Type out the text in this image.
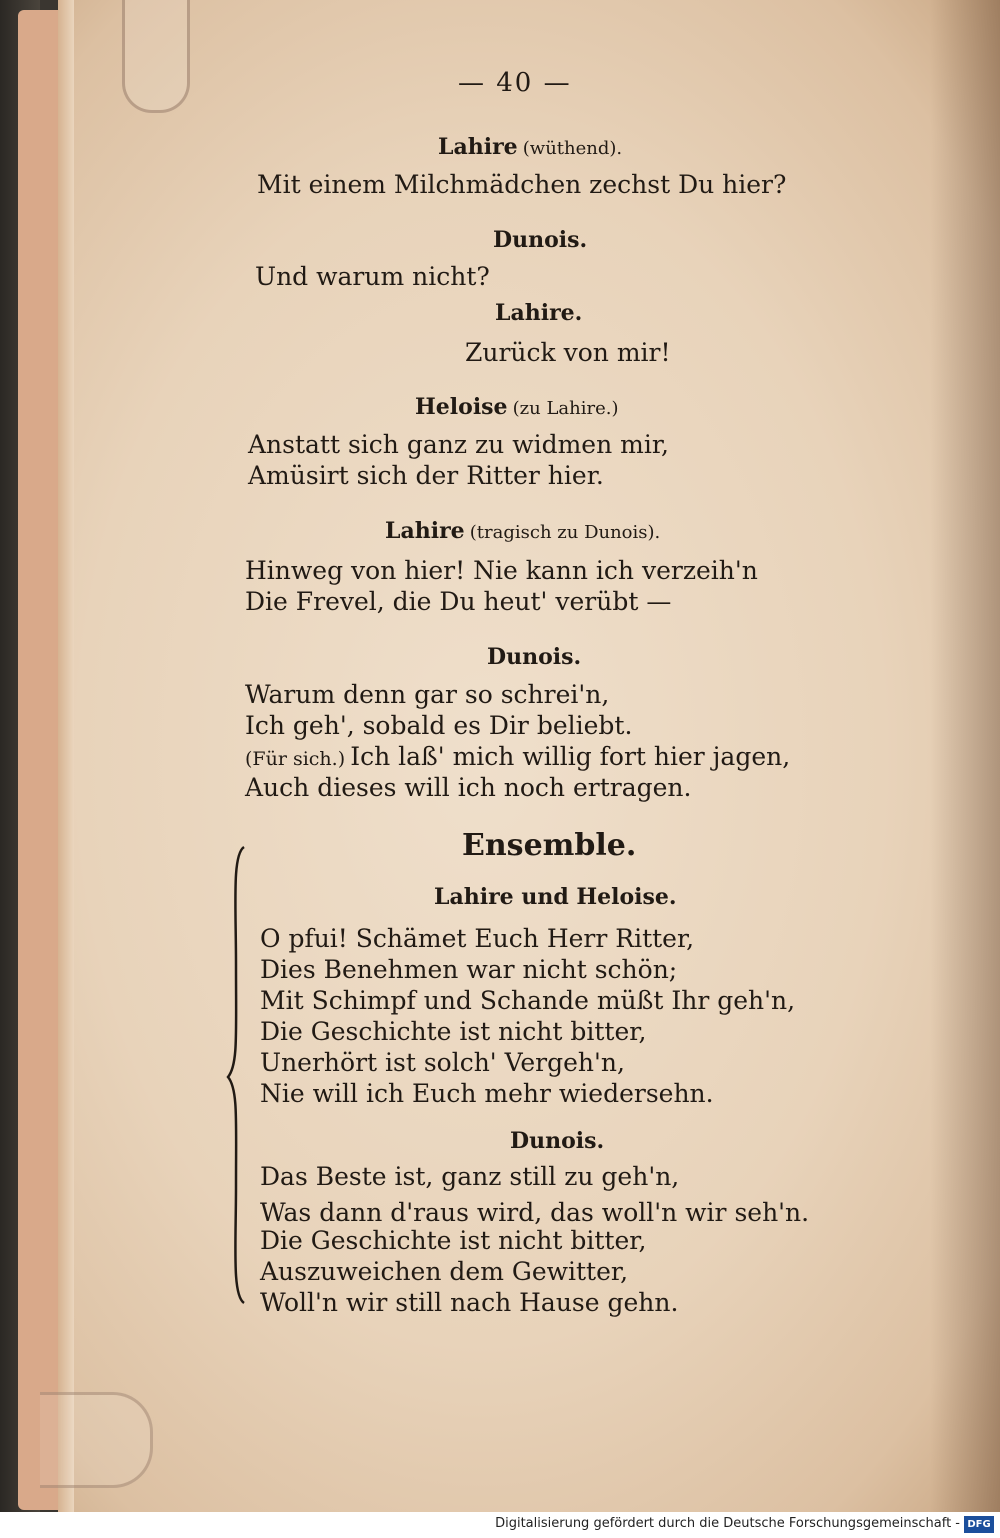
— 40 —
Lahire (wüthend).
Mit einem Milchmädchen zechst Du hier?
Dunois.
Und warum nicht?
Lahire.
Zurück von mir!
Heloise (zu Lahire.)
Anstatt sich ganz zu widmen mir,
Amüsirt sich der Ritter hier.
Lahire (tragisch zu Dunois).
Hinweg von hier! Nie kann ich verzeih'n
Die Frevel, die Du heut' verübt —
Dunois.
Warum denn gar so schrei'n,
Ich geh', sobald es Dir beliebt.
(Für sich.) Ich laß' mich willig fort hier jagen,
Auch dieses will ich noch ertragen.
Ensemble.
Lahire und Heloise.
O pfui! Schämet Euch Herr Ritter,
Dies Benehmen war nicht schön;
Mit Schimpf und Schande müßt Ihr geh'n,
Die Geschichte ist nicht bitter,
Unerhört ist solch' Vergeh'n,
Nie will ich Euch mehr wiedersehn.
Dunois.
Das Beste ist, ganz still zu geh'n,
Was dann d'raus wird, das woll'n wir seh'n.
Die Geschichte ist nicht bitter,
Auszuweichen dem Gewitter,
Woll'n wir still nach Hause gehn.
Digitalisierung gefördert durch die Deutsche Forschungsgemeinschaft - DFG
